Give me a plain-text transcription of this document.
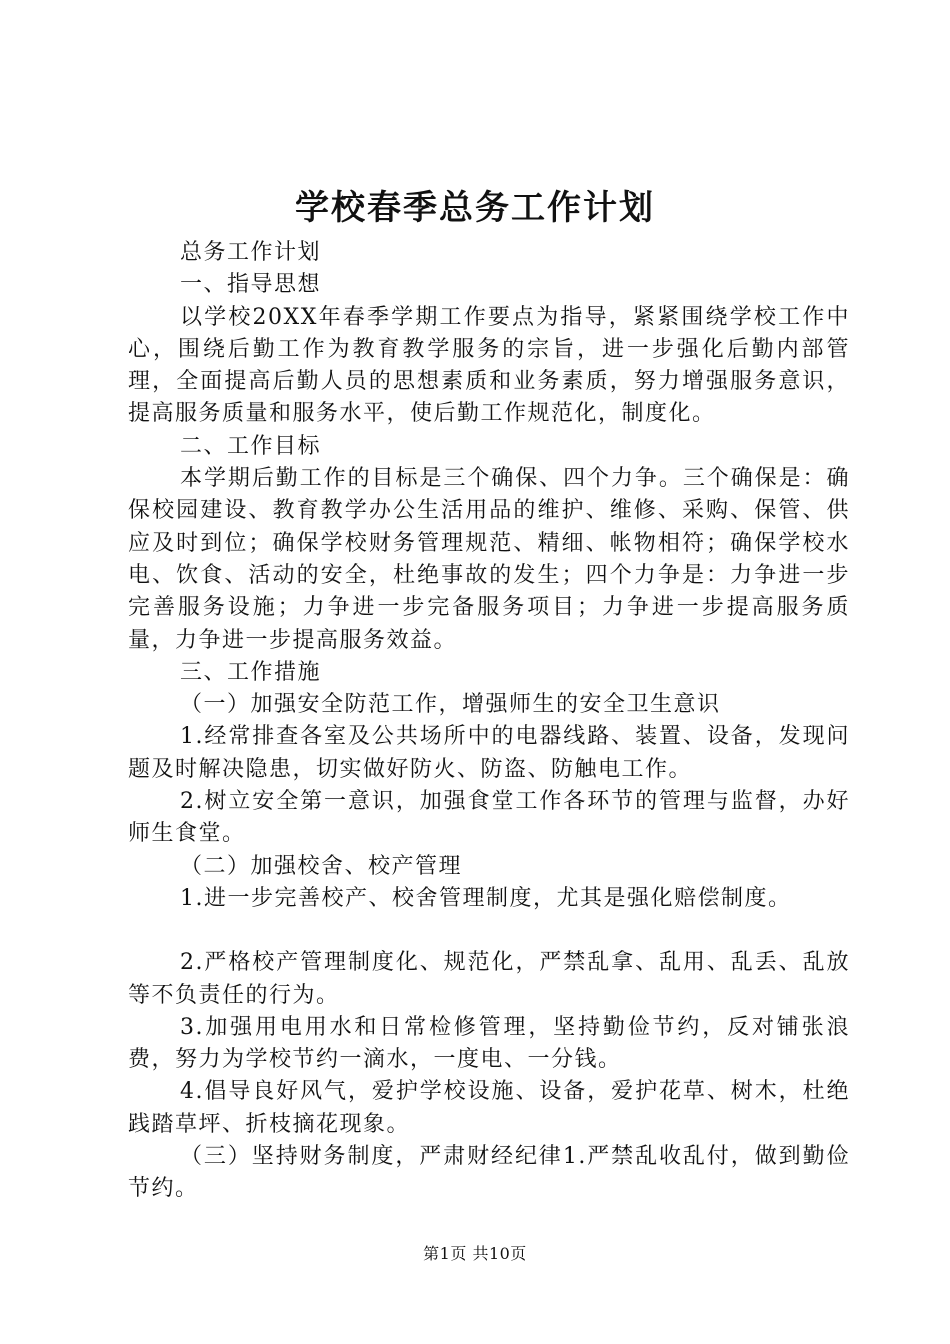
学校春季总务工作计划

总务工作计划

一、指导思想

以学校20XX年春季学期工作要点为指导，紧紧围绕学校工作中心，围绕后勤工作为教育教学服务的宗旨，进一步强化后勤内部管理，全面提高后勤人员的思想素质和业务素质，努力增强服务意识，提高服务质量和服务水平，使后勤工作规范化，制度化。

二、工作目标

本学期后勤工作的目标是三个确保、四个力争。三个确保是：确保校园建设、教育教学办公生活用品的维护、维修、采购、保管、供应及时到位；确保学校财务管理规范、精细、帐物相符；确保学校水电、饮食、活动的安全，杜绝事故的发生；四个力争是：力争进一步完善服务设施；力争进一步完备服务项目；力争进一步提高服务质量，力争进一步提高服务效益。

三、工作措施

（一）加强安全防范工作，增强师生的安全卫生意识

1.经常排查各室及公共场所中的电器线路、装置、设备，发现问题及时解决隐患，切实做好防火、防盗、防触电工作。

2.树立安全第一意识，加强食堂工作各环节的管理与监督，办好师生食堂。

（二）加强校舍、校产管理

1.进一步完善校产、校舍管理制度，尤其是强化赔偿制度。

2.严格校产管理制度化、规范化，严禁乱拿、乱用、乱丢、乱放等不负责任的行为。

3.加强用电用水和日常检修管理，坚持勤俭节约，反对铺张浪费，努力为学校节约一滴水，一度电、一分钱。

4.倡导良好风气，爱护学校设施、设备，爱护花草、树木，杜绝践踏草坪、折枝摘花现象。

（三）坚持财务制度，严肃财经纪律1.严禁乱收乱付，做到勤俭节约。

第1页 共10页
